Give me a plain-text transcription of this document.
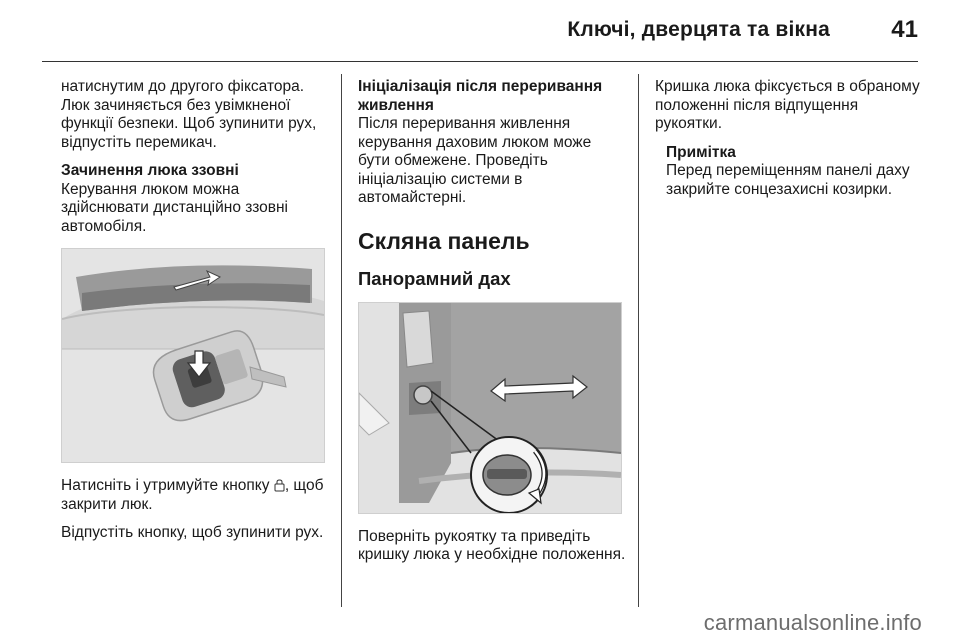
Ключі, дверцята та вікна	41

натиснутим до другого фіксатора. Люк зачиняється без увімкненої функції безпеки. Щоб зупинити рух, відпустіть перемикач.

Зачинення люка ззовні

Керування люком можна здійснювати дистанційно ззовні автомобіля.

Натисніть і утримуйте кнопку , щоб закрити люк.

Відпустіть кнопку, щоб зупинити рух.

Ініціалізація після переривання живлення

Після переривання живлення керування даховим люком може бути обмежене. Проведіть ініціалізацію системи в автомайстерні.

Скляна панель
Панорамний дах

Поверніть рукоятку та приведіть кришку люка у необхідне положення.

Кришка люка фіксується в обраному положенні після відпущення рукоятки.

Примітка

Перед переміщенням панелі даху закрийте сонцезахисні козирки.

carmanualsonline.info
